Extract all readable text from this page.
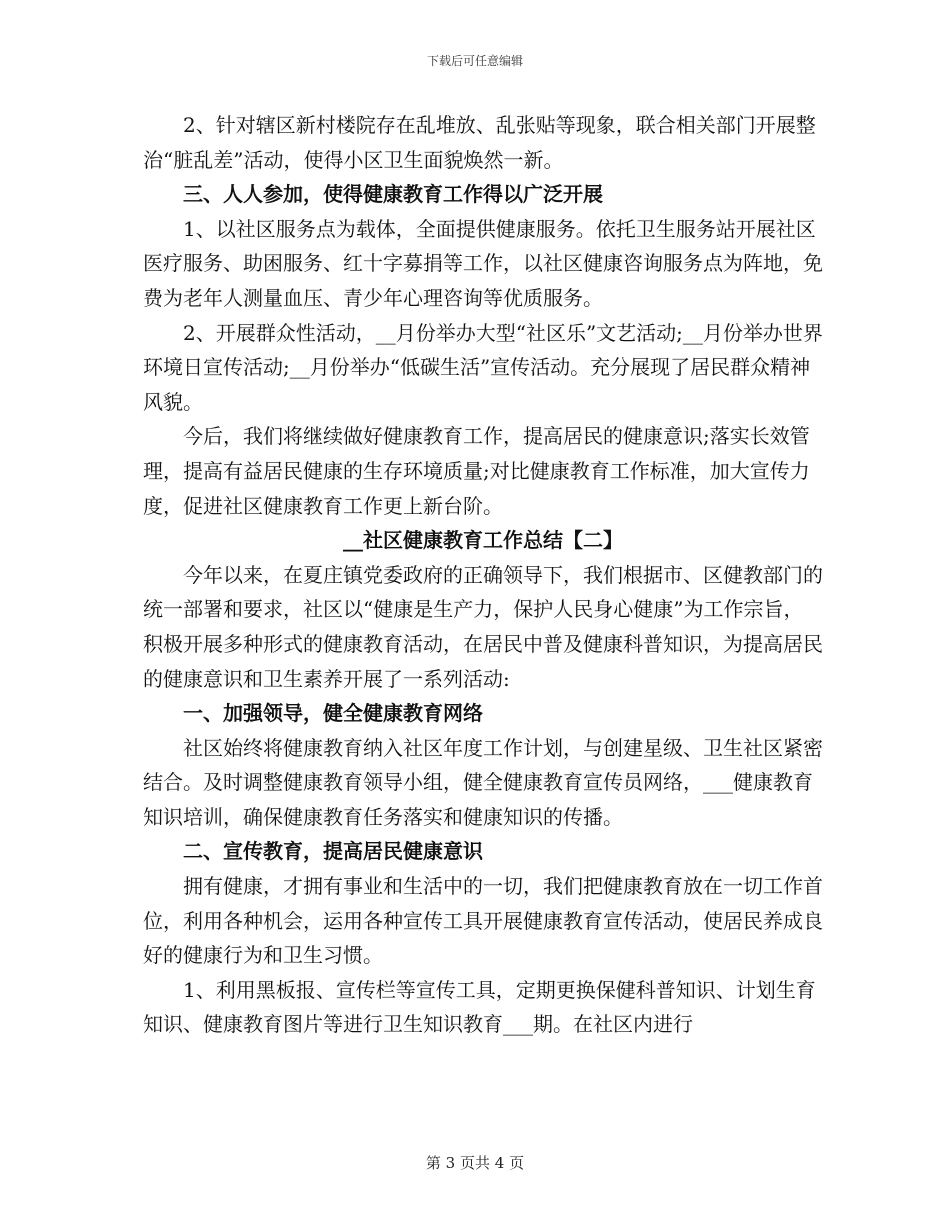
下载后可任意编辑

2、针对辖区新村楼院存在乱堆放、乱张贴等现象，联合相关部门开展整治“脏乱差”活动，使得小区卫生面貌焕然一新。

三、人人参加，使得健康教育工作得以广泛开展

1、以社区服务点为载体，全面提供健康服务。依托卫生服务站开展社区医疗服务、助困服务、红十字募捐等工作，以社区健康咨询服务点为阵地，免费为老年人测量血压、青少年心理咨询等优质服务。

2、开展群众性活动，__月份举办大型“社区乐”文艺活动;__月份举办世界环境日宣传活动;__月份举办“低碳生活”宣传活动。充分展现了居民群众精神风貌。

今后，我们将继续做好健康教育工作，提高居民的健康意识;落实长效管理，提高有益居民健康的生存环境质量;对比健康教育工作标准，加大宣传力度，促进社区健康教育工作更上新台阶。

__社区健康教育工作总结【二】

今年以来，在夏庄镇党委政府的正确领导下，我们根据市、区健教部门的统一部署和要求，社区以“健康是生产力，保护人民身心健康”为工作宗旨，积极开展多种形式的健康教育活动，在居民中普及健康科普知识，为提高居民的健康意识和卫生素养开展了一系列活动:

一、加强领导，健全健康教育网络

社区始终将健康教育纳入社区年度工作计划，与创建星级、卫生社区紧密结合。及时调整健康教育领导小组，健全健康教育宣传员网络，___健康教育知识培训，确保健康教育任务落实和健康知识的传播。

二、宣传教育，提高居民健康意识

拥有健康，才拥有事业和生活中的一切，我们把健康教育放在一切工作首位，利用各种机会，运用各种宣传工具开展健康教育宣传活动，使居民养成良好的健康行为和卫生习惯。

1、利用黑板报、宣传栏等宣传工具，定期更换保健科普知识、计划生育知识、健康教育图片等进行卫生知识教育___期。在社区内进行

第 3 页共 4 页
